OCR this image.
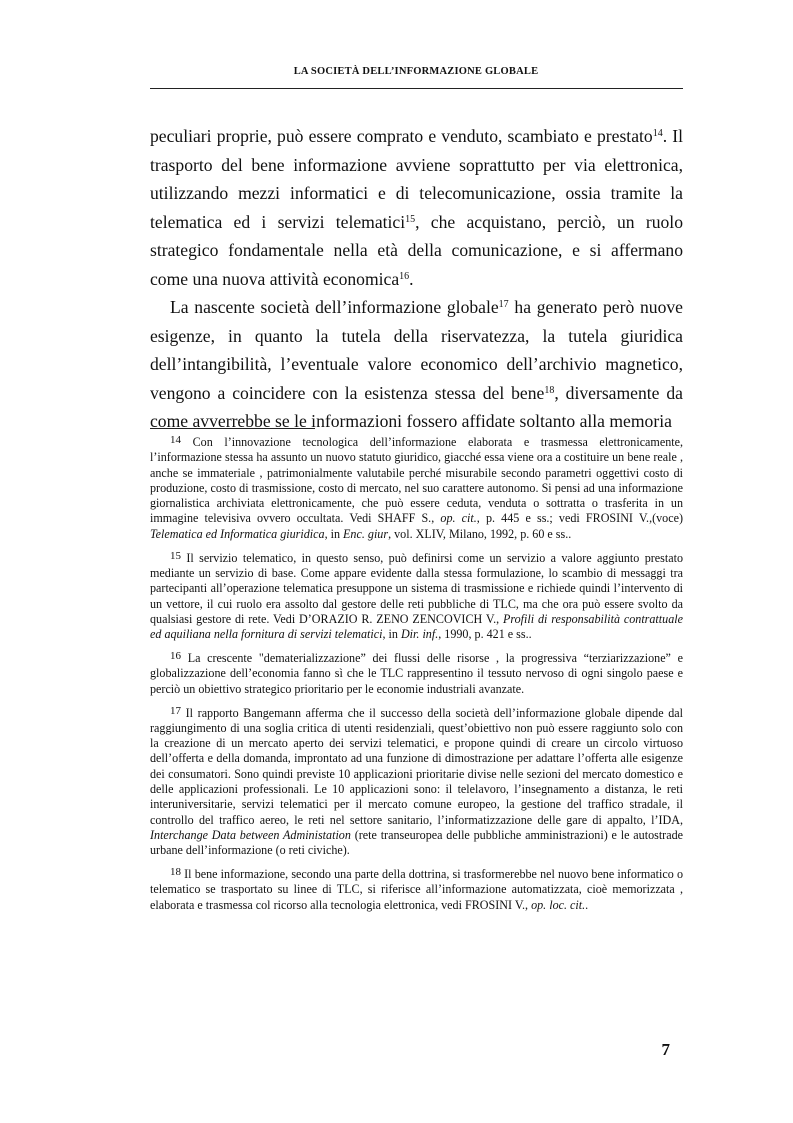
LA SOCIETÀ DELL’INFORMAZIONE GLOBALE

peculiari proprie, può essere comprato e venduto, scambiato e prestato$^{14}$. Il trasporto del bene informazione avviene soprattutto per via elettronica, utilizzando mezzi informatici e di telecomunicazione, ossia tramite la telematica ed i servizi telematici$^{15}$, che acquistano, perciò, un ruolo strategico fondamentale nella età della comunicazione, e si affermano come una nuova attività economica$^{16}$.

La nascente società dell’informazione globale$^{17}$ ha generato però nuove esigenze, in quanto la tutela della riservatezza, la tutela giuridica dell’intangibilità, l’eventuale valore economico dell’archivio magnetico, vengono a coincidere con la esistenza stessa del bene$^{18}$, diversamente da come avverrebbe se le informazioni fossero affidate soltanto alla memoria

14 Con l’innovazione tecnologica dell’informazione elaborata e trasmessa elettronicamente, l’informazione stessa ha assunto un nuovo statuto giuridico, giacché essa viene ora a costituire un bene reale , anche se immateriale , patrimonialmente valutabile perché misurabile secondo parametri oggettivi costo di produzione, costo di trasmissione, costo di mercato, nel suo carattere autonomo. Si pensi ad una informazione giornalistica archiviata elettronicamente, che può essere ceduta, venduta o sottratta o trasferita in un immagine televisiva ovvero occultata. Vedi SHAFF S., op. cit., p. 445 e ss.; vedi FROSINI V.,(voce) Telematica ed Informatica giuridica, in Enc. giur, vol. XLIV, Milano, 1992, p. 60 e ss..

15 Il servizio telematico, in questo senso, può definirsi come un servizio a valore aggiunto prestato mediante un servizio di base. Come appare evidente dalla stessa formulazione, lo scambio di messaggi tra partecipanti all’operazione telematica presuppone un sistema di trasmissione e richiede quindi l’intervento di un vettore, il cui ruolo era assolto dal gestore delle reti pubbliche di TLC, ma che ora può essere svolto da qualsiasi gestore di rete. Vedi D’ORAZIO R. ZENO ZENCOVICH V., Profili di responsabilità contrattuale ed aquiliana nella fornitura di servizi telematici, in Dir. inf., 1990, p. 421 e ss..

16 La crescente "dematerializzazione” dei flussi delle risorse , la progressiva “terziarizzazione” e globalizzazione dell’economia fanno sì che le TLC rappresentino il tessuto nervoso di ogni singolo paese e perciò un obiettivo strategico prioritario per le economie industriali avanzate.

17 Il rapporto Bangemann afferma che il successo della società dell’informazione globale dipende dal raggiungimento di una soglia critica di utenti residenziali, quest’obiettivo non può essere raggiunto solo con la creazione di un mercato aperto dei servizi telematici, e propone quindi di creare un circolo virtuoso dell’offerta e della domanda, improntato ad una funzione di dimostrazione per adattare l’offerta alle esigenze dei consumatori. Sono quindi previste 10 applicazioni prioritarie divise nelle sezioni del mercato domestico e delle applicazioni professionali. Le 10 applicazioni sono: il telelavoro, l’insegnamento a distanza, le reti interuniversitarie, servizi telematici per il mercato comune europeo, la gestione del traffico stradale, il controllo del traffico aereo, le reti nel settore sanitario, l’informatizzazione delle gare di appalto, l’IDA, Interchange Data between Administation (rete transeuropea delle pubbliche amministrazioni) e le autostrade urbane dell’informazione (o reti civiche).

18 Il bene informazione, secondo una parte della dottrina, si trasformerebbe nel nuovo bene informatico o telematico se trasportato su linee di TLC, si riferisce all’informazione automatizzata, cioè memorizzata , elaborata e trasmessa col ricorso alla tecnologia elettronica, vedi FROSINI V., op. loc. cit..

7
